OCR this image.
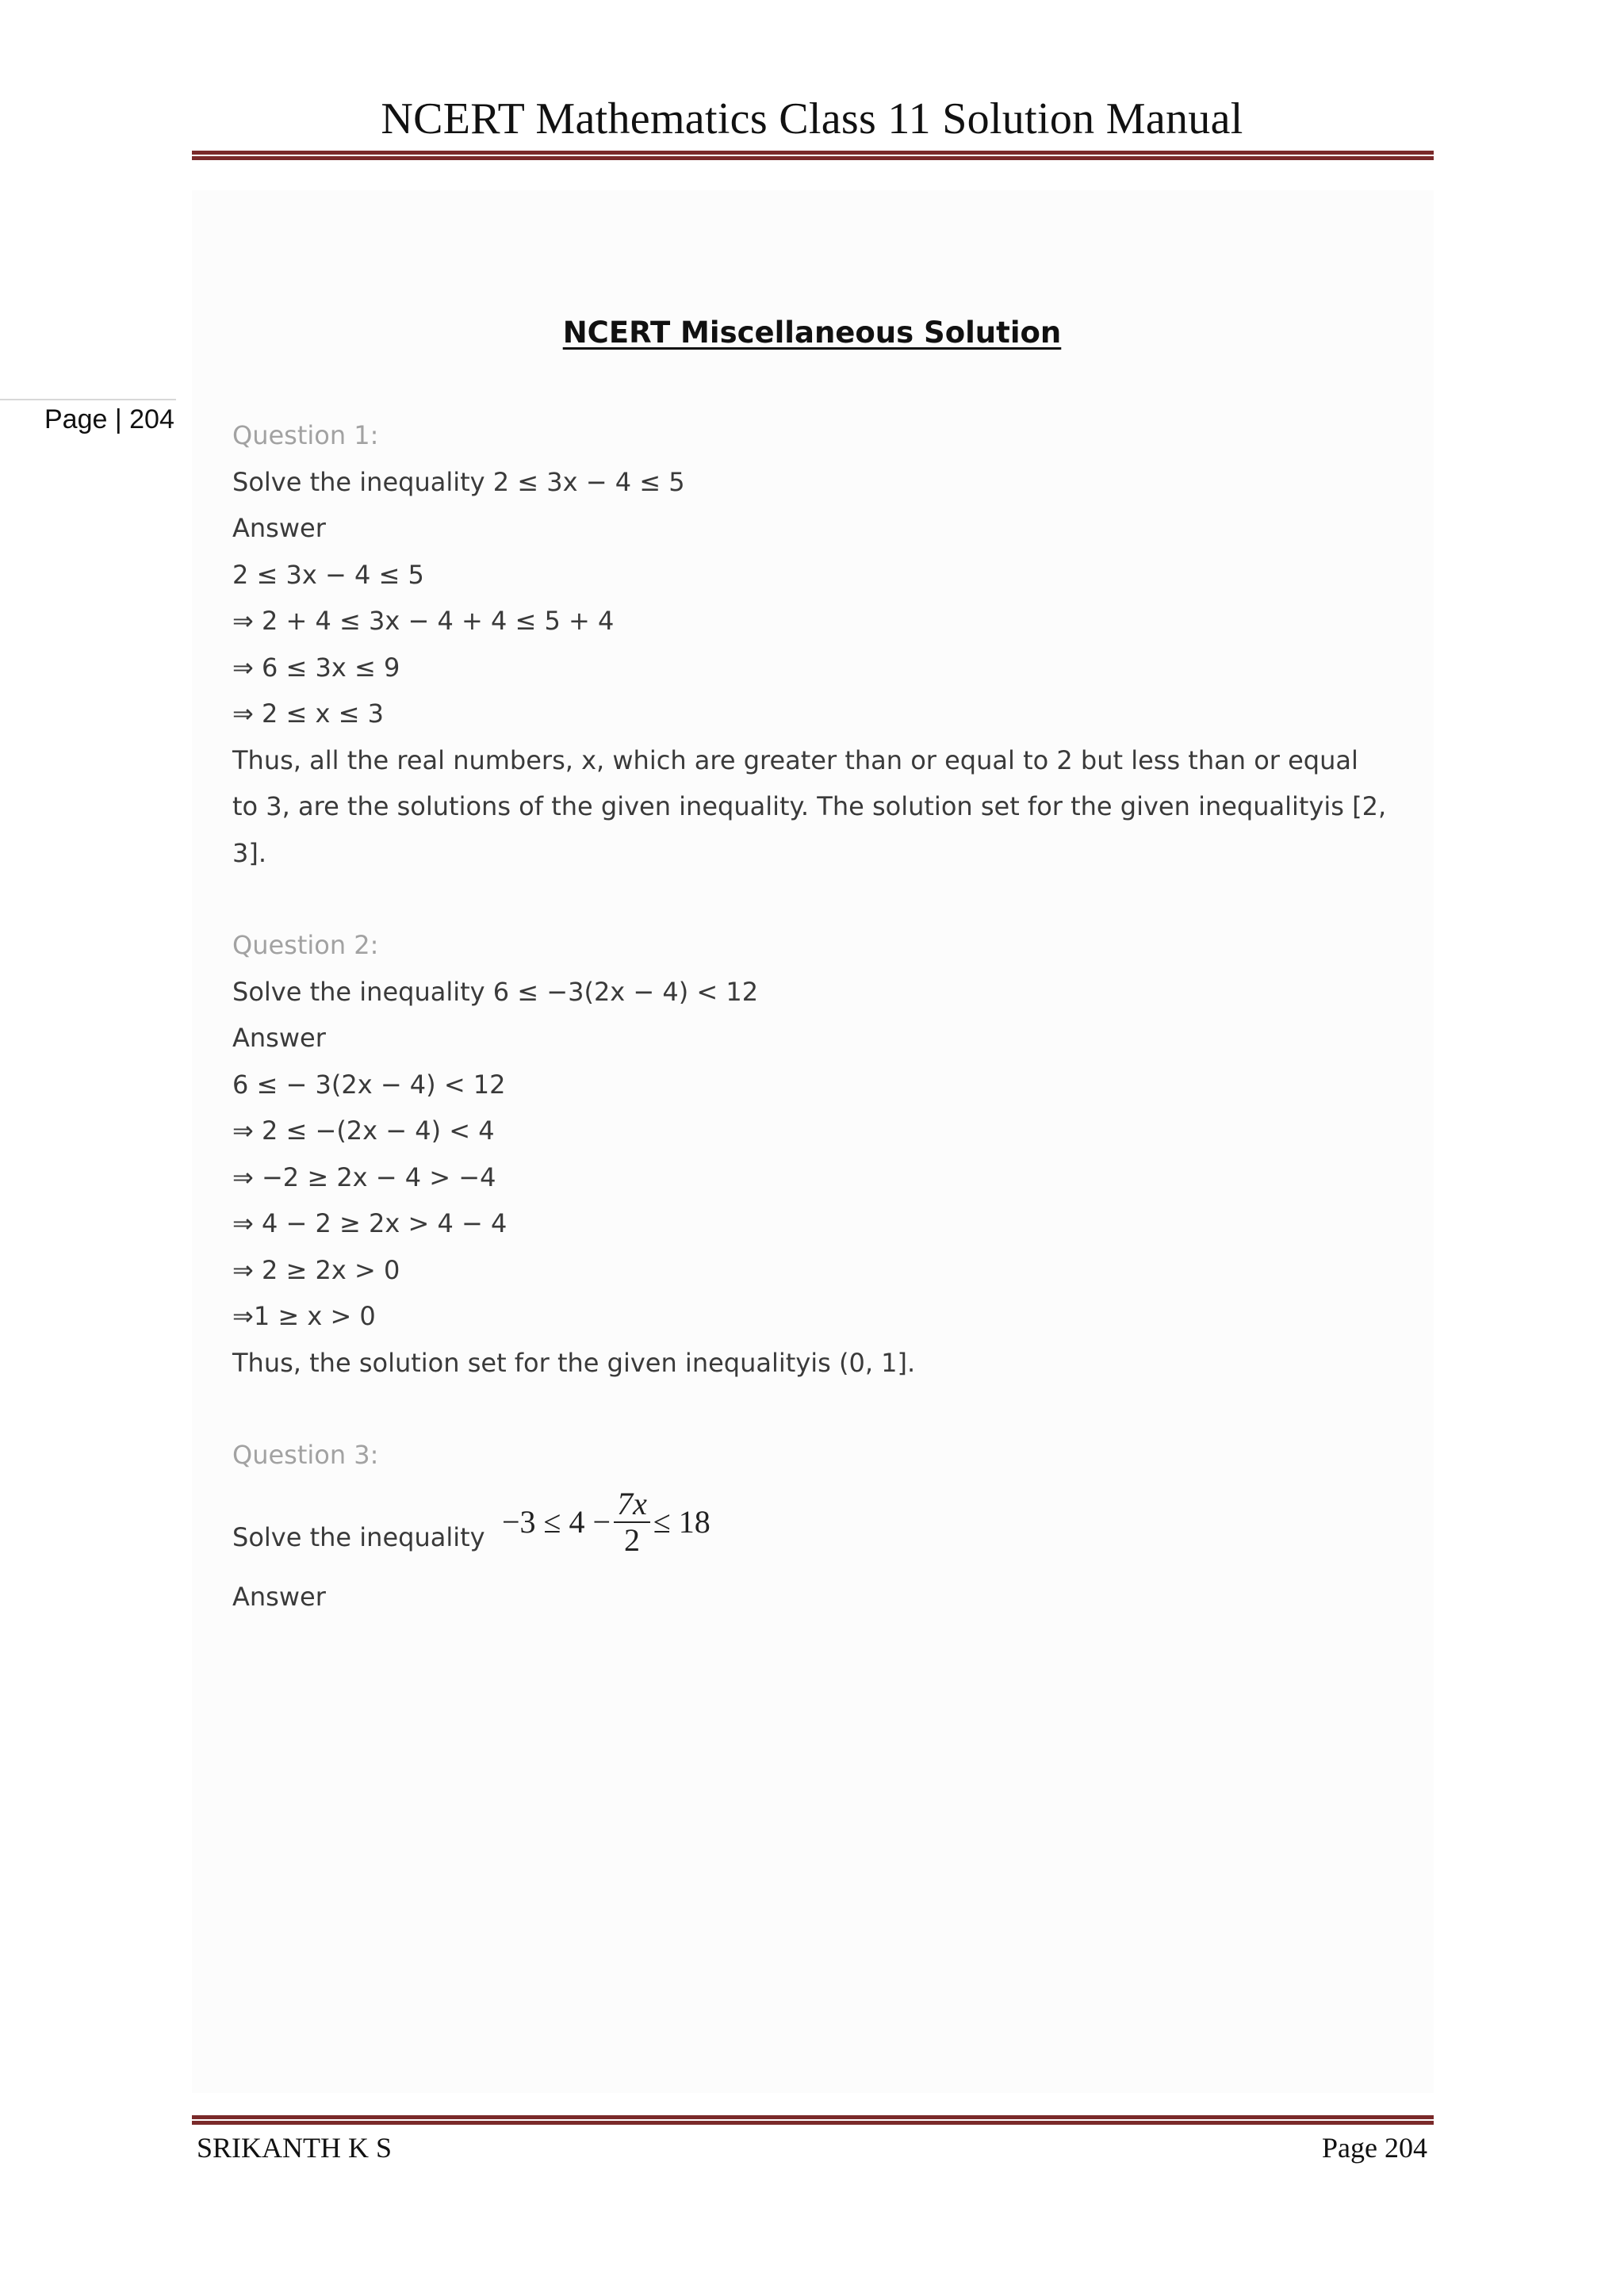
NCERT Mathematics Class 11 Solution Manual
Page | 204
NCERT Miscellaneous Solution
Question 1:
Solve the inequality 2 ≤ 3x − 4 ≤ 5
Answer
2 ≤ 3x − 4 ≤ 5
⇒ 2 + 4 ≤ 3x − 4 + 4 ≤ 5 + 4
⇒ 6 ≤ 3x ≤ 9
⇒ 2 ≤ x ≤ 3
Thus, all the real numbers, x, which are greater than or equal to 2 but less than or equal to 3, are the solutions of the given inequality. The solution set for the given inequalityis [2, 3].
Question 2:
Solve the inequality 6 ≤ −3(2x − 4) < 12
Answer
6 ≤ − 3(2x − 4) < 12
⇒ 2 ≤ −(2x − 4) < 4
⇒ −2 ≥ 2x − 4 > −4
⇒ 4 − 2 ≥ 2x > 4 − 4
⇒ 2 ≥ 2x > 0
⇒1 ≥ x > 0
Thus, the solution set for the given inequalityis (0, 1].
Question 3:
Solve the inequality $-3 \le 4 - \frac{7x}{2} \le 18$
Answer
SRIKANTH K S	Page 204
